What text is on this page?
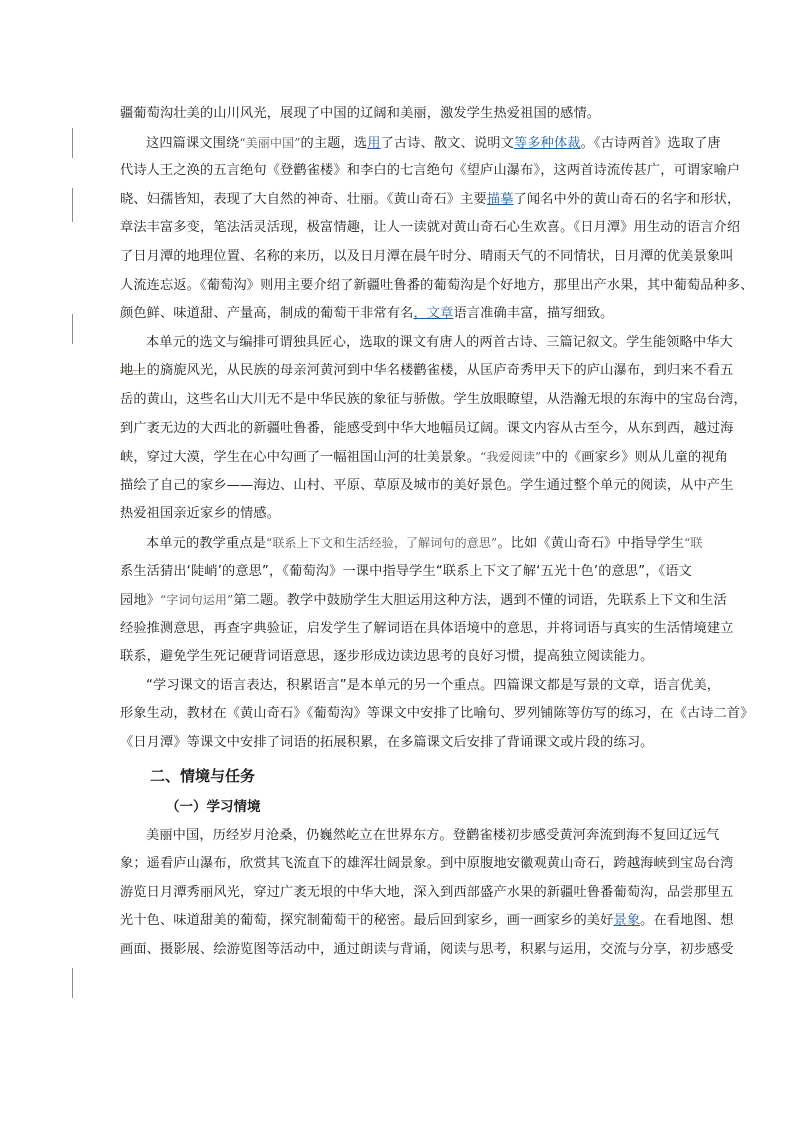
疆葡萄沟壮美的山川风光，展现了中国的辽阔和美丽，激发学生热爱祖国的感情。
这四篇课文围绕“美丽中国”的主题，选用了古诗、散文、说明文等多种体裁。《古诗两首》选取了唐
代诗人王之涣的五言绝句《登鹳雀楼》和李白的七言绝句《望庐山瀑布》，这两首诗流传甚广，可谓家喻户
晓、妇孺皆知，表现了大自然的神奇、壮丽。《黄山奇石》主要描摹了闻名中外的黄山奇石的名字和形状，
章法丰富多变，笔法活灵活现，极富情趣，让人一读就对黄山奇石心生欢喜。《日月潭》用生动的语言介绍
了日月潭的地理位置、名称的来历，以及日月潭在晨午时分、晴雨天气的不同情状，日月潭的优美景象叫
人流连忘返。《葡萄沟》则用主要介绍了新疆吐鲁番的葡萄沟是个好地方，那里出产水果，其中葡萄品种多、
颜色鲜、味道甜、产量高，制成的葡萄干非常有名，文章语言准确丰富，描写细致。
本单元的选文与编排可谓独具匠心，选取的课文有唐人的两首古诗、三篇记叙文。学生能领略中华大
地上的旖旎风光，从民族的母亲河黄河到中华名楼鹳雀楼，从匡庐奇秀甲天下的庐山瀑布，到归来不看五
岳的黄山，这些名山大川无不是中华民族的象征与骄傲。学生放眼瞭望，从浩瀚无垠的东海中的宝岛台湾，
到广袤无边的大西北的新疆吐鲁番，能感受到中华大地幅员辽阔。课文内容从古至今，从东到西，越过海
峡，穿过大漠，学生在心中勾画了一幅祖国山河的壮美景象。“我爱阅读”中的《画家乡》则从儿童的视角
描绘了自己的家乡——海边、山村、平原、草原及城市的美好景色。学生通过整个单元的阅读，从中产生
热爱祖国亲近家乡的情感。
本单元的教学重点是“联系上下文和生活经验，了解词句的意思”。比如《黄山奇石》中指导学生“联
系生活猜出‘陡峭’的意思”，《葡萄沟》一课中指导学生“联系上下文了解‘五光十色’的意思”，《语文
园地》“字词句运用”第二题。教学中鼓励学生大胆运用这种方法，遇到不懂的词语，先联系上下文和生活
经验推测意思，再查字典验证，启发学生了解词语在具体语境中的意思，并将词语与真实的生活情境建立
联系，避免学生死记硬背词语意思，逐步形成边读边思考的良好习惯，提高独立阅读能力。
“学习课文的语言表达，积累语言”是本单元的另一个重点。四篇课文都是写景的文章，语言优美，
形象生动，教材在《黄山奇石》《葡萄沟》等课文中安排了比喻句、罗列铺陈等仿写的练习，在《古诗二首》
《日月潭》等课文中安排了词语的拓展积累，在多篇课文后安排了背诵课文或片段的练习。
二、情境与任务
（一）学习情境
美丽中国，历经岁月沧桑，仍巍然屹立在世界东方。登鹳雀楼初步感受黄河奔流到海不复回辽远气
象；遥看庐山瀑布，欣赏其飞流直下的雄浑壮阔景象。到中原腹地安徽观黄山奇石，跨越海峡到宝岛台湾
游览日月潭秀丽风光，穿过广袤无垠的中华大地，深入到西部盛产水果的新疆吐鲁番葡萄沟，品尝那里五
光十色、味道甜美的葡萄，探究制葡萄干的秘密。最后回到家乡，画一画家乡的美好景象。在看地图、想
画面、摄影展、绘游览图等活动中，通过朗读与背诵，阅读与思考，积累与运用，交流与分享，初步感受
